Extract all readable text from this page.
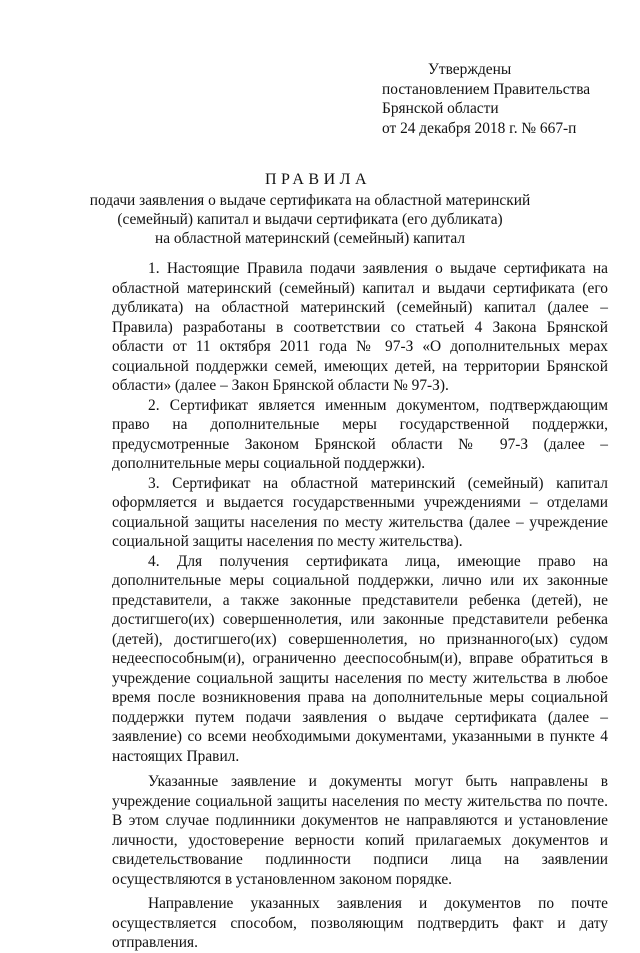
Утверждены
постановлением Правительства
Брянской области
от 24 декабря 2018 г. № 667-п
ПРАВИЛА
подачи заявления о выдаче сертификата на областной материнский
(семейный) капитал и выдачи сертификата (его дубликата)
на областной материнский (семейный) капитал

1. Настоящие Правила подачи заявления о выдаче сертификата на областной материнский (семейный) капитал и выдачи сертификата (его дубликата) на областной материнский (семейный) капитал (далее – Правила) разработаны в соответствии со статьей 4 Закона Брянской области от 11 октября 2011 года № 97-З «О дополнительных мерах социальной поддержки семей, имеющих детей, на территории Брянской области» (далее – Закон Брянской области № 97-З).

2. Сертификат является именным документом, подтверждающим право на дополнительные меры государственной поддержки, предусмотренные Законом Брянской области № 97-З (далее – дополнительные меры социальной поддержки).

3. Сертификат на областной материнский (семейный) капитал оформляется и выдается государственными учреждениями – отделами социальной защиты населения по месту жительства (далее – учреждение социальной защиты населения по месту жительства).

4. Для получения сертификата лица, имеющие право на дополнительные меры социальной поддержки, лично или их законные представители, а также законные представители ребенка (детей), не достигшего(их) совершеннолетия, или законные представители ребенка (детей), достигшего(их) совершеннолетия, но признанного(ых) судом недееспособным(и), ограниченно дееспособным(и), вправе обратиться в учреждение социальной защиты населения по месту жительства в любое время после возникновения права на дополнительные меры социальной поддержки путем подачи заявления о выдаче сертификата (далее – заявление) со всеми необходимыми документами, указанными в пункте 4 настоящих Правил.

Указанные заявление и документы могут быть направлены в учреждение социальной защиты населения по месту жительства по почте. В этом случае подлинники документов не направляются и установление личности, удостоверение верности копий прилагаемых документов и свидетельствование подлинности подписи лица на заявлении осуществляются в установленном законом порядке.

Направление указанных заявления и документов по почте осуществляется способом, позволяющим подтвердить факт и дату отправления.
